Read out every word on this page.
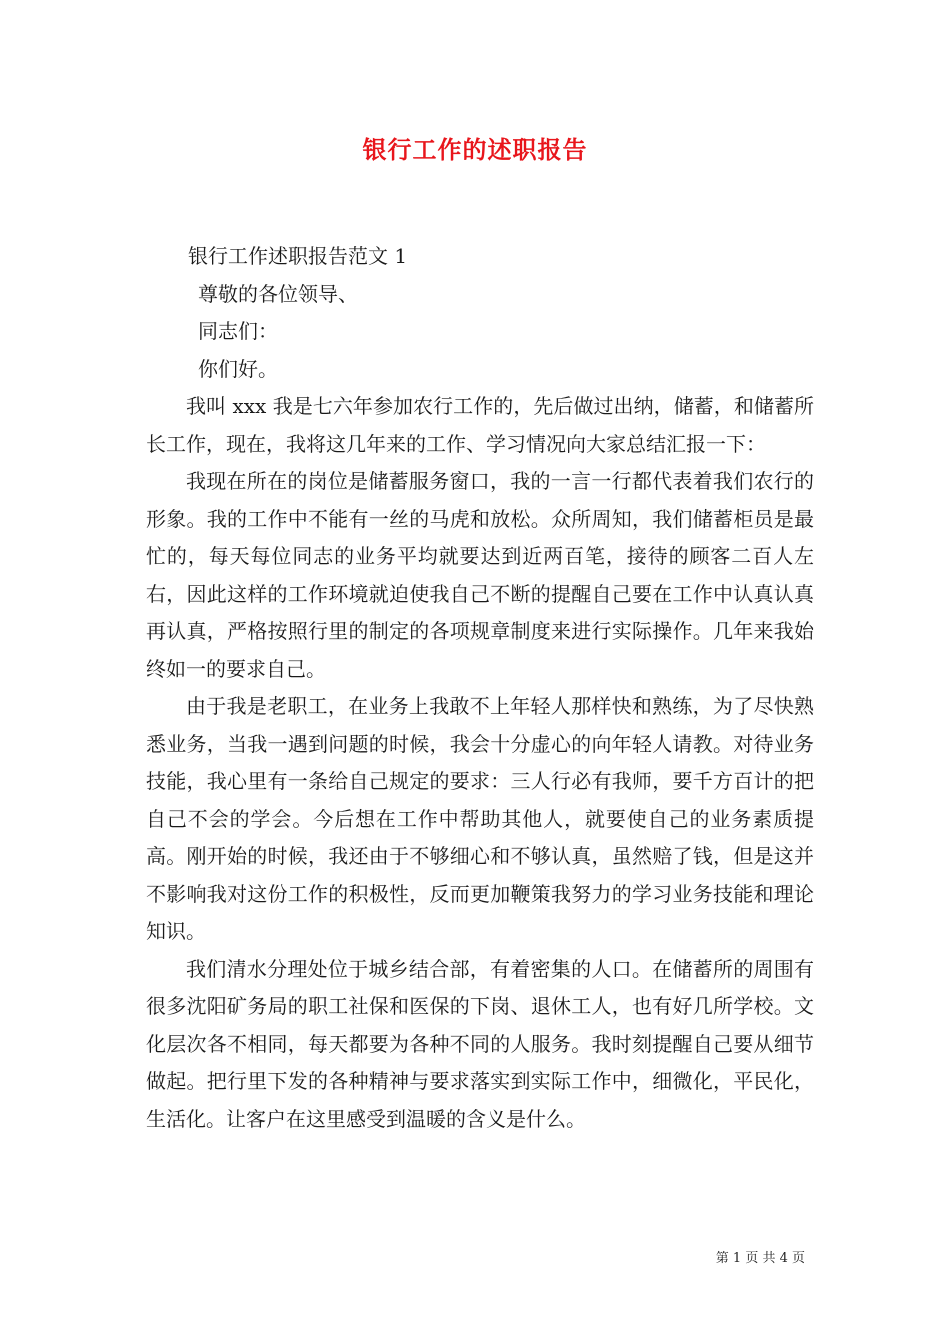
银行工作的述职报告

银行工作述职报告范文 1

尊敬的各位领导、

同志们：

你们好。

我叫 xxx 我是七六年参加农行工作的，先后做过出纳，储蓄，和储蓄所长工作，现在，我将这几年来的工作、学习情况向大家总结汇报一下：

我现在所在的岗位是储蓄服务窗口，我的一言一行都代表着我们农行的形象。我的工作中不能有一丝的马虎和放松。众所周知，我们储蓄柜员是最忙的，每天每位同志的业务平均就要达到近两百笔，接待的顾客二百人左右，因此这样的工作环境就迫使我自己不断的提醒自己要在工作中认真认真再认真，严格按照行里的制定的各项规章制度来进行实际操作。几年来我始终如一的要求自己。

由于我是老职工，在业务上我敢不上年轻人那样快和熟练，为了尽快熟悉业务，当我一遇到问题的时候，我会十分虚心的向年轻人请教。对待业务技能，我心里有一条给自己规定的要求：三人行必有我师，要千方百计的把自己不会的学会。今后想在工作中帮助其他人，就要使自己的业务素质提高。刚开始的时候，我还由于不够细心和不够认真，虽然赔了钱，但是这并不影响我对这份工作的积极性，反而更加鞭策我努力的学习业务技能和理论知识。

我们清水分理处位于城乡结合部，有着密集的人口。在储蓄所的周围有很多沈阳矿务局的职工社保和医保的下岗、退休工人，也有好几所学校。文化层次各不相同，每天都要为各种不同的人服务。我时刻提醒自己要从细节做起。把行里下发的各种精神与要求落实到实际工作中，细微化，平民化，生活化。让客户在这里感受到温暖的含义是什么。

第 1 页 共 4 页
